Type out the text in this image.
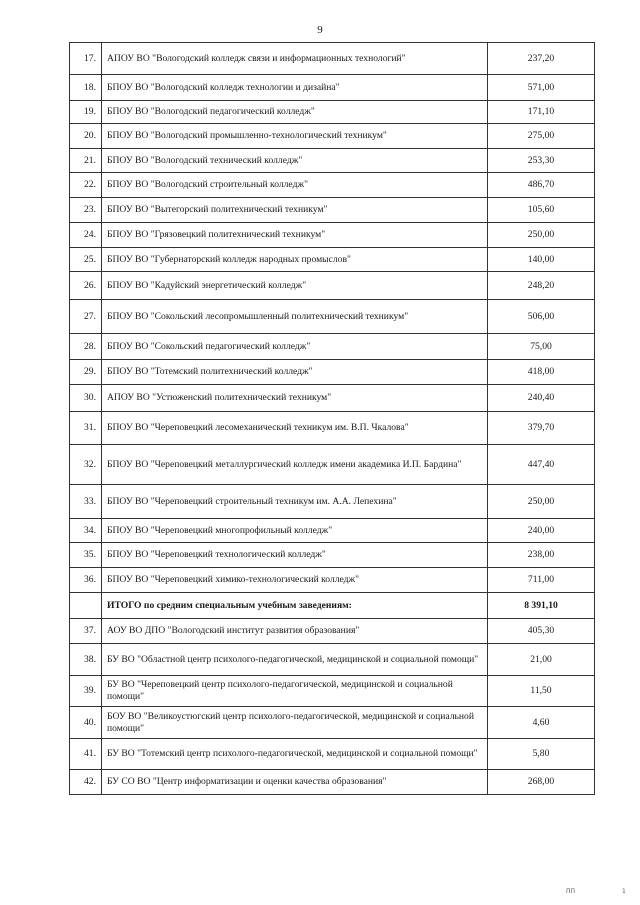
9
17.	АПОУ ВО "Вологодский колледж связи и информационных технологий"	237,20
18.	БПОУ ВО "Вологодский колледж технологии и дизайна"	571,00
19.	БПОУ ВО "Вологодский педагогический колледж"	171,10
20.	БПОУ ВО "Вологодский промышленно-технологический техникум"	275,00
21.	БПОУ ВО "Вологодский технический колледж"	253,30
22.	БПОУ ВО "Вологодский строительный колледж"	486,70
23.	БПОУ ВО "Вытегорский политехнический техникум"	105,60
24.	БПОУ ВО "Грязовецкий политехнический техникум"	250,00
25.	БПОУ ВО "Губернаторский колледж народных промыслов"	140,00
26.	БПОУ ВО "Кадуйский энергетический колледж"	248,20
27.	БПОУ ВО "Сокольский лесопромышленный политехнический техникум"	506,00
28.	БПОУ ВО "Сокольский педагогический колледж"	75,00
29.	БПОУ ВО "Тотемский политехнический колледж"	418,00
30.	АПОУ ВО "Устюженский политехнический техникум"	240,40
31.	БПОУ ВО "Череповецкий лесомеханический техникум им. В.П. Чкалова"	379,70
32.	БПОУ ВО "Череповецкий металлургический колледж имени академика И.П. Бардина"	447,40
33.	БПОУ ВО "Череповецкий строительный техникум им. А.А. Лепехина"	250,00
34.	БПОУ ВО "Череповецкий многопрофильный колледж"	240,00
35.	БПОУ ВО "Череповецкий технологический колледж"	238,00
36.	БПОУ ВО "Череповецкий химико-технологический колледж"	711,00
	ИТОГО по средним специальным учебным заведениям:	8 391,10
37.	АОУ ВО ДПО "Вологодский институт развития образования"	405,30
38.	БУ ВО "Областной центр психолого-педагогической, медицинской и социальной помощи"	21,00
39.	БУ ВО "Череповецкий центр психолого-педагогической, медицинской и социальной помощи"	11,50
40.	БОУ ВО "Великоустюгский центр психолого-педагогической, медицинской и социальной помощи"	4,60
41.	БУ ВО "Тотемский центр психолого-педагогической, медицинской и социальной помощи"	5,80
42.	БУ СО ВО "Центр информатизации и оценки качества образования"	268,00
ПП	1
